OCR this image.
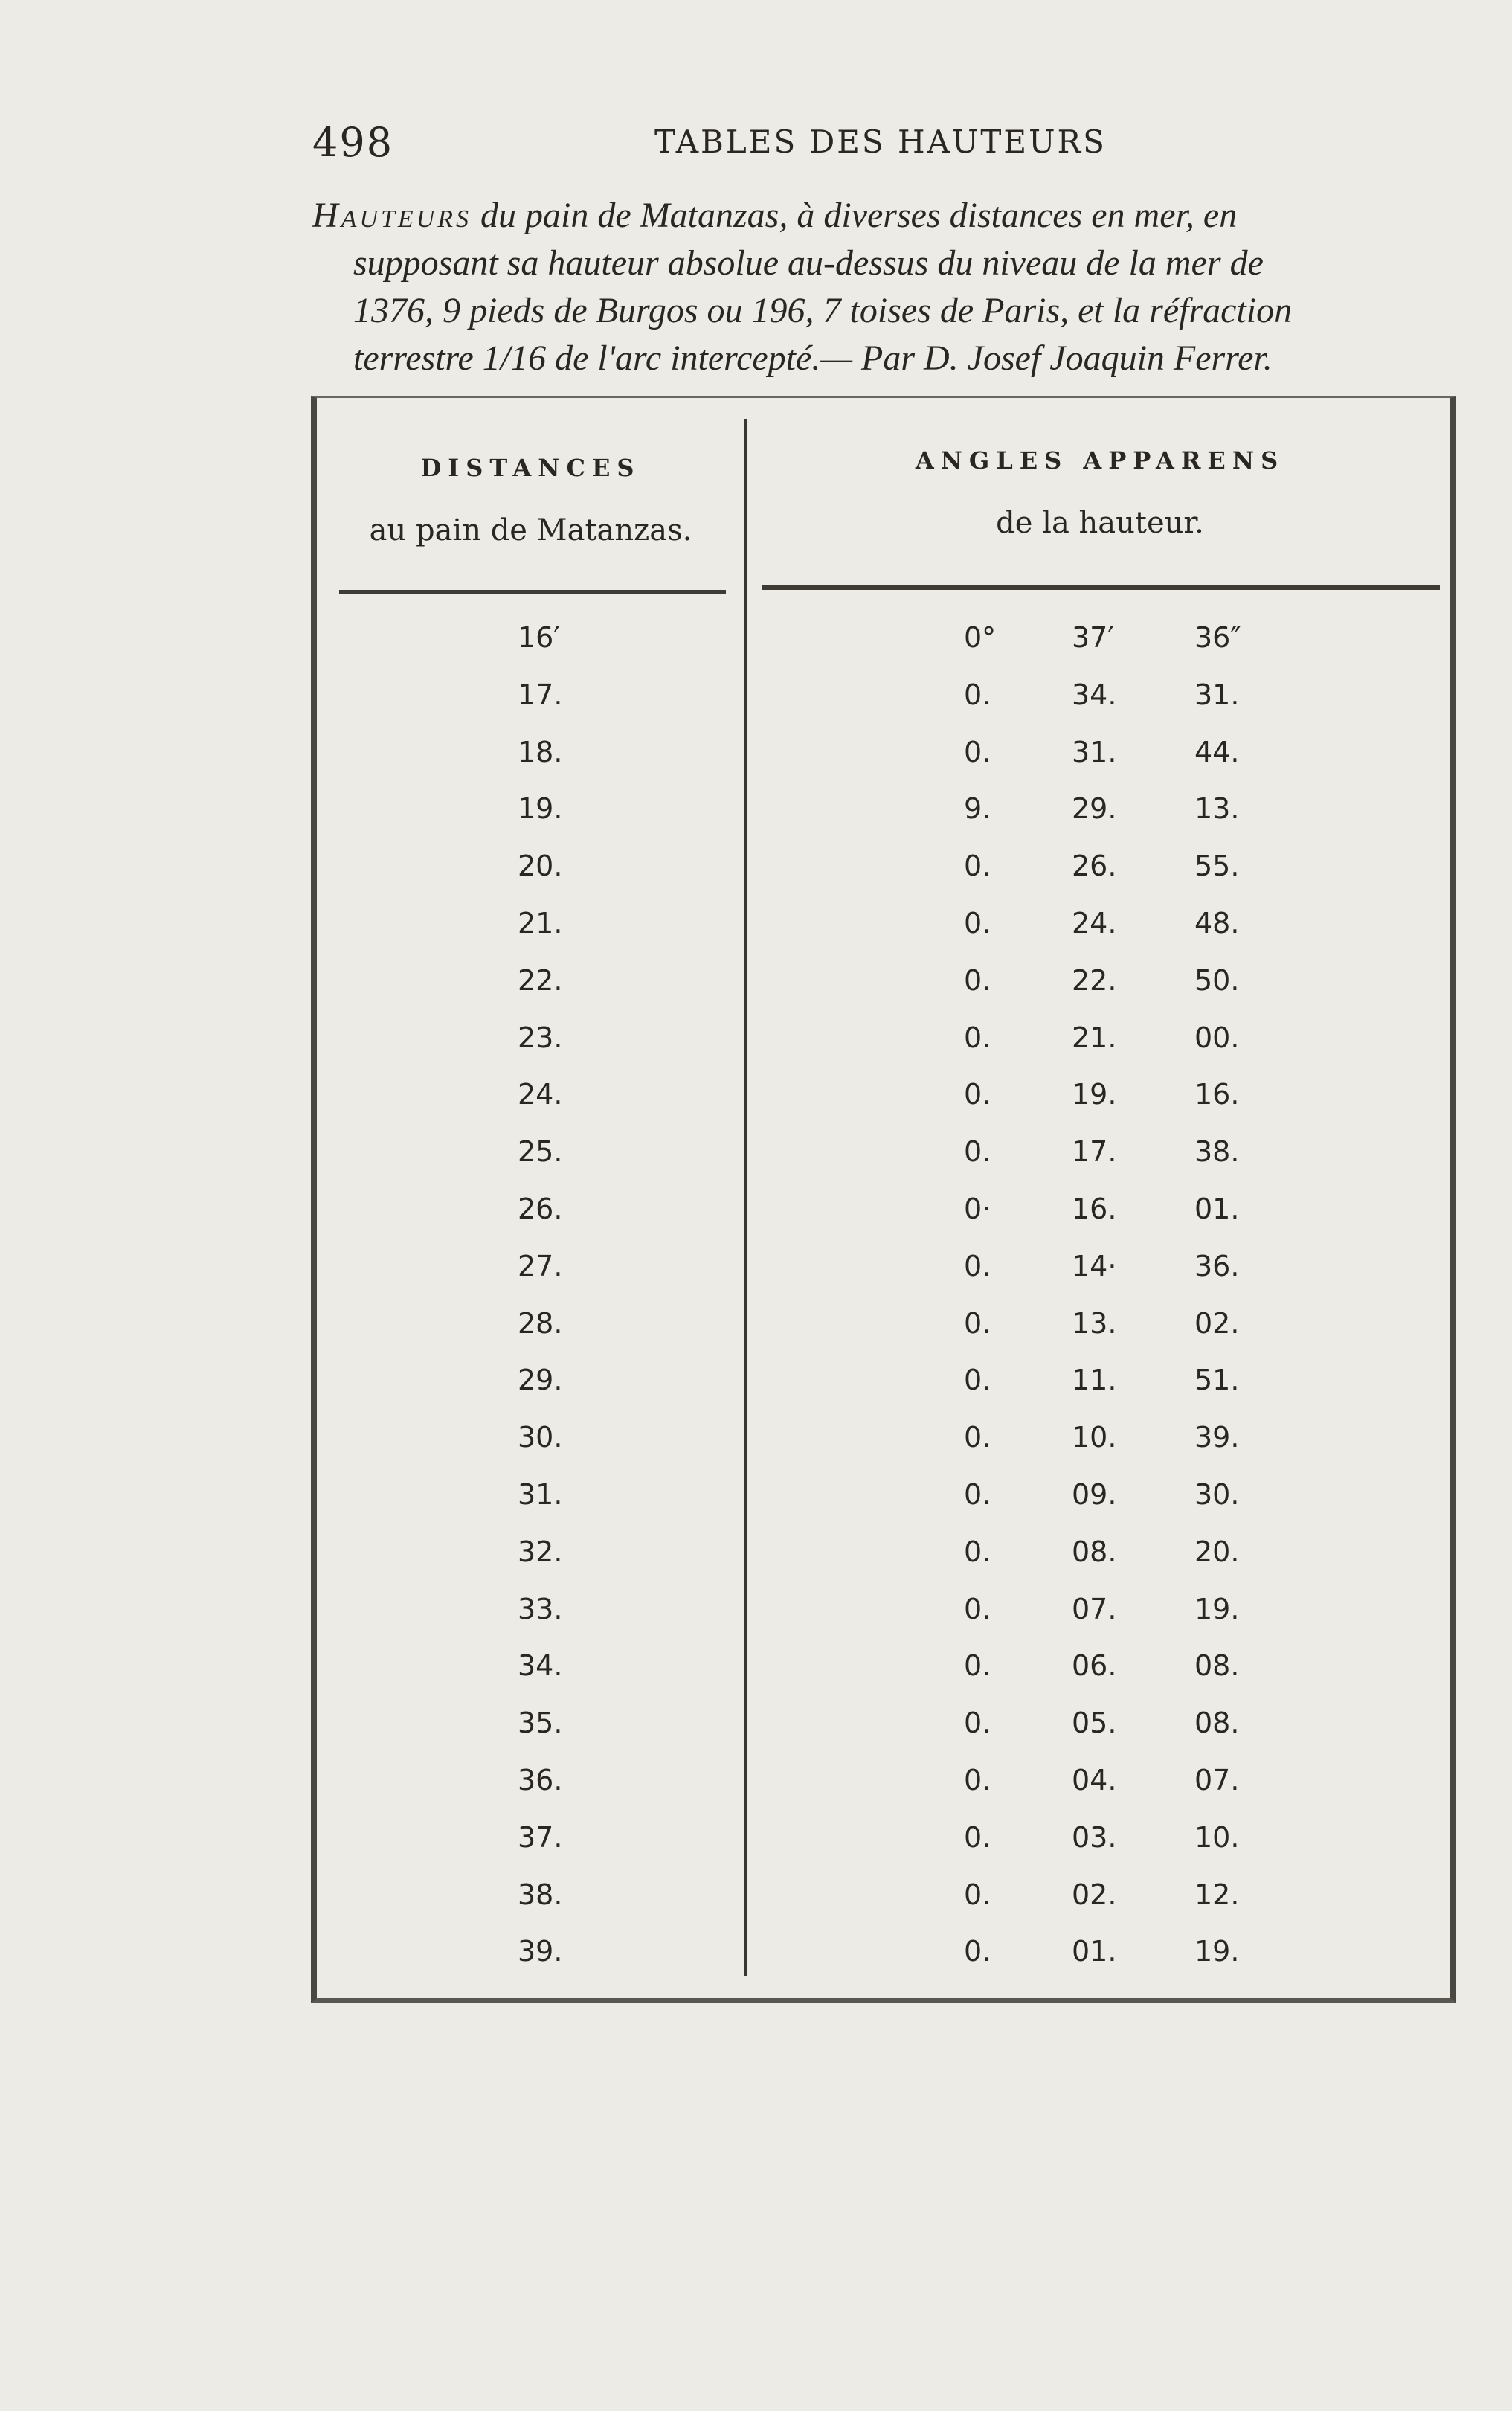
498	TABLES DES HAUTEURS
Hauteurs du pain de Matanzas, à diverses distances en mer, en
supposant sa hauteur absolue au-dessus du niveau de la mer de
1376, 9 pieds de Burgos ou 196, 7 toises de Paris, et la réfraction
terrestre 1/16 de l'arc intercepté.— Par D. Josef Joaquin Ferrer.
DISTANCES
au pain de Matanzas.
ANGLES APPARENS
de la hauteur.
16′	0°	37′	36″
17.	0.	34.	31.
18.	0.	31.	44.
19.	9.	29.	13.
20.	0.	26.	55.
21.	0.	24.	48.
22.	0.	22.	50.
23.	0.	21.	00.
24.	0.	19.	16.
25.	0.	17.	38.
26.	0·	16.	01.
27.	0.	14·	36.
28.	0.	13.	02.
29.	0.	11.	51.
30.	0.	10.	39.
31.	0.	09.	30.
32.	0.	08.	20.
33.	0.	07.	19.
34.	0.	06.	08.
35.	0.	05.	08.
36.	0.	04.	07.
37.	0.	03.	10.
38.	0.	02.	12.
39.	0.	01.	19.
